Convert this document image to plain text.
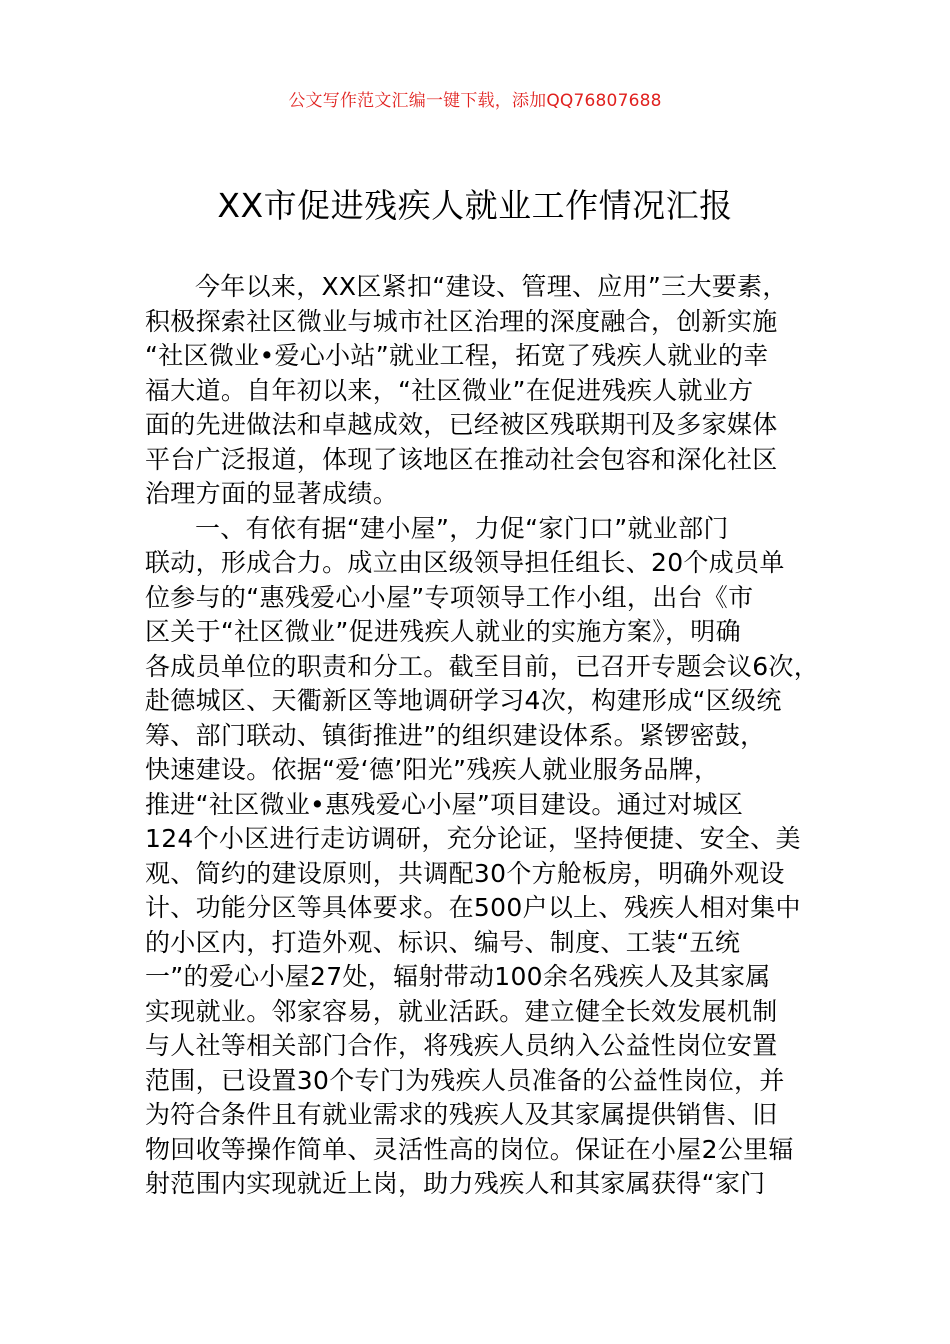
公文写作范文汇编一键下载，添加QQ76807688
XX市促进残疾人就业工作情况汇报
今年以来，XX区紧扣“建设、管理、应用”三大要素，
积极探索社区微业与城市社区治理的深度融合，创新实施
“社区微业•爱心小站”就业工程，拓宽了残疾人就业的幸
福大道。自年初以来，“社区微业”在促进残疾人就业方
面的先进做法和卓越成效，已经被区残联期刊及多家媒体
平台广泛报道，体现了该地区在推动社会包容和深化社区
治理方面的显著成绩。
一、有依有据“建小屋”，力促“家门口”就业部门
联动，形成合力。成立由区级领导担任组长、20个成员单
位参与的“惠残爱心小屋”专项领导工作小组，出台《市
区关于“社区微业”促进残疾人就业的实施方案》，明确
各成员单位的职责和分工。截至目前，已召开专题会议6次，
赴德城区、天衢新区等地调研学习4次，构建形成“区级统
筹、部门联动、镇街推进”的组织建设体系。紧锣密鼓，
快速建设。依据“爱‘德’阳光”残疾人就业服务品牌，
推进“社区微业•惠残爱心小屋”项目建设。通过对城区
124个小区进行走访调研，充分论证，坚持便捷、安全、美
观、简约的建设原则，共调配30个方舱板房，明确外观设
计、功能分区等具体要求。在500户以上、残疾人相对集中
的小区内，打造外观、标识、编号、制度、工装“五统
一”的爱心小屋27处，辐射带动100余名残疾人及其家属
实现就业。邻家容易，就业活跃。建立健全长效发展机制
与人社等相关部门合作，将残疾人员纳入公益性岗位安置
范围，已设置30个专门为残疾人员准备的公益性岗位，并
为符合条件且有就业需求的残疾人及其家属提供销售、旧
物回收等操作简单、灵活性高的岗位。保证在小屋2公里辐
射范围内实现就近上岗，助力残疾人和其家属获得“家门
